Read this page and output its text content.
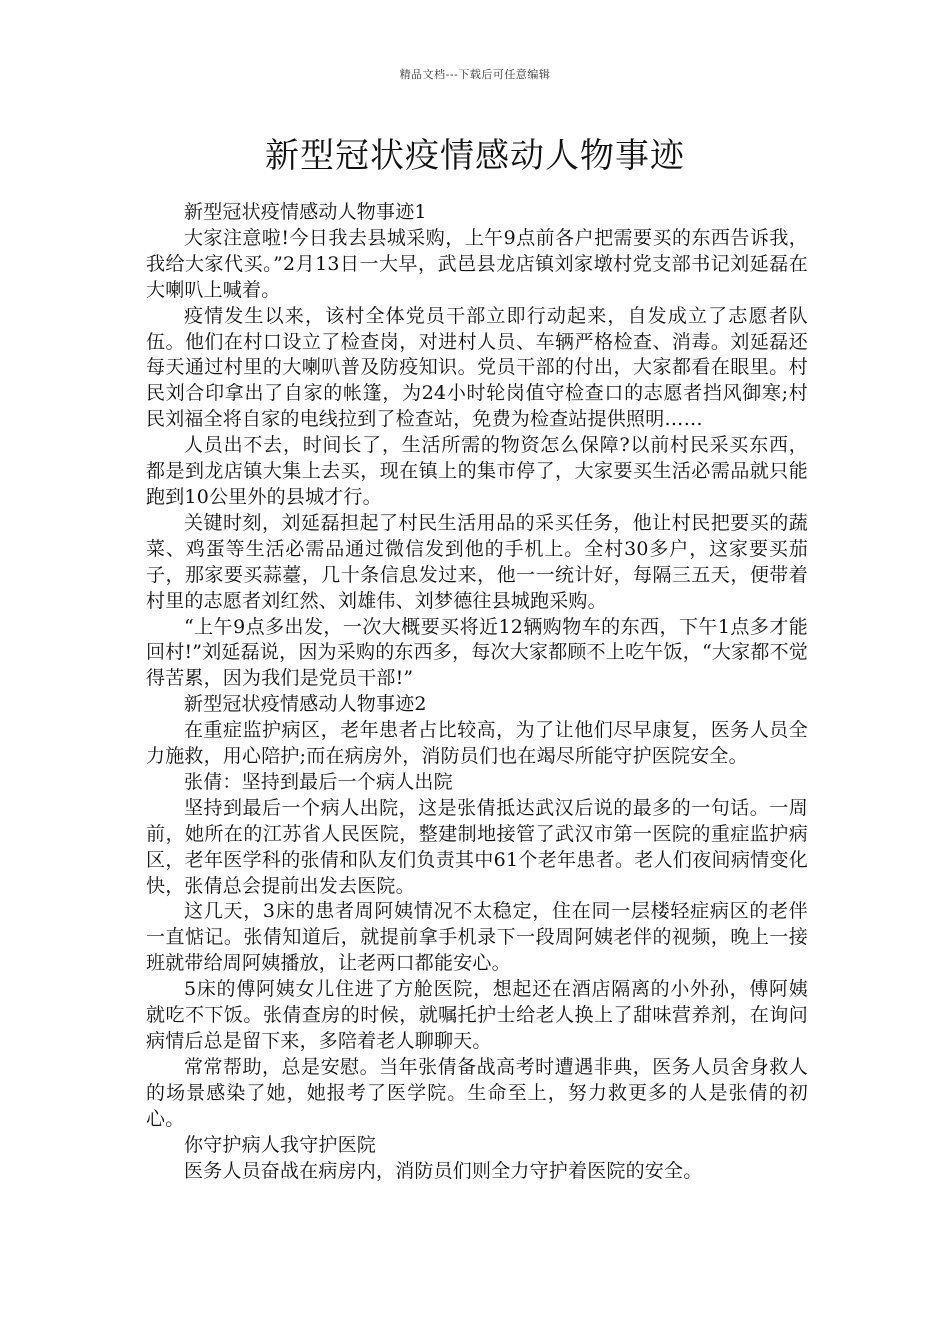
精品文档---下载后可任意编辑
新型冠状疫情感动人物事迹

新型冠状疫情感动人物事迹1

大家注意啦!今日我去县城采购，上午9点前各户把需要买的东西告诉我，我给大家代买。”2月13日一大早，武邑县龙店镇刘家墩村党支部书记刘延磊在大喇叭上喊着。

疫情发生以来，该村全体党员干部立即行动起来，自发成立了志愿者队伍。他们在村口设立了检查岗，对进村人员、车辆严格检查、消毒。刘延磊还每天通过村里的大喇叭普及防疫知识。党员干部的付出，大家都看在眼里。村民刘合印拿出了自家的帐篷，为24小时轮岗值守检查口的志愿者挡风御寒;村民刘福全将自家的电线拉到了检查站，免费为检查站提供照明……

人员出不去，时间长了，生活所需的物资怎么保障?以前村民采买东西，都是到龙店镇大集上去买，现在镇上的集市停了，大家要买生活必需品就只能跑到10公里外的县城才行。

关键时刻，刘延磊担起了村民生活用品的采买任务，他让村民把要买的蔬菜、鸡蛋等生活必需品通过微信发到他的手机上。全村30多户，这家要买茄子，那家要买蒜薹，几十条信息发过来，他一一统计好，每隔三五天，便带着村里的志愿者刘红然、刘雄伟、刘梦德往县城跑采购。

“上午9点多出发，一次大概要买将近12辆购物车的东西，下午1点多才能回村!”刘延磊说，因为采购的东西多，每次大家都顾不上吃午饭，“大家都不觉得苦累，因为我们是党员干部!”

新型冠状疫情感动人物事迹2

在重症监护病区，老年患者占比较高，为了让他们尽早康复，医务人员全力施救，用心陪护;而在病房外，消防员们也在竭尽所能守护医院安全。

张倩：坚持到最后一个病人出院

坚持到最后一个病人出院，这是张倩抵达武汉后说的最多的一句话。一周前，她所在的江苏省人民医院，整建制地接管了武汉市第一医院的重症监护病区，老年医学科的张倩和队友们负责其中61个老年患者。老人们夜间病情变化快，张倩总会提前出发去医院。

这几天，3床的患者周阿姨情况不太稳定，住在同一层楼轻症病区的老伴一直惦记。张倩知道后，就提前拿手机录下一段周阿姨老伴的视频，晚上一接班就带给周阿姨播放，让老两口都能安心。

5床的傅阿姨女儿住进了方舱医院，想起还在酒店隔离的小外孙，傅阿姨就吃不下饭。张倩查房的时候，就嘱托护士给老人换上了甜味营养剂，在询问病情后总是留下来，多陪着老人聊聊天。

常常帮助，总是安慰。当年张倩备战高考时遭遇非典，医务人员舍身救人的场景感染了她，她报考了医学院。生命至上，努力救更多的人是张倩的初心。

你守护病人我守护医院

医务人员奋战在病房内，消防员们则全力守护着医院的安全。
